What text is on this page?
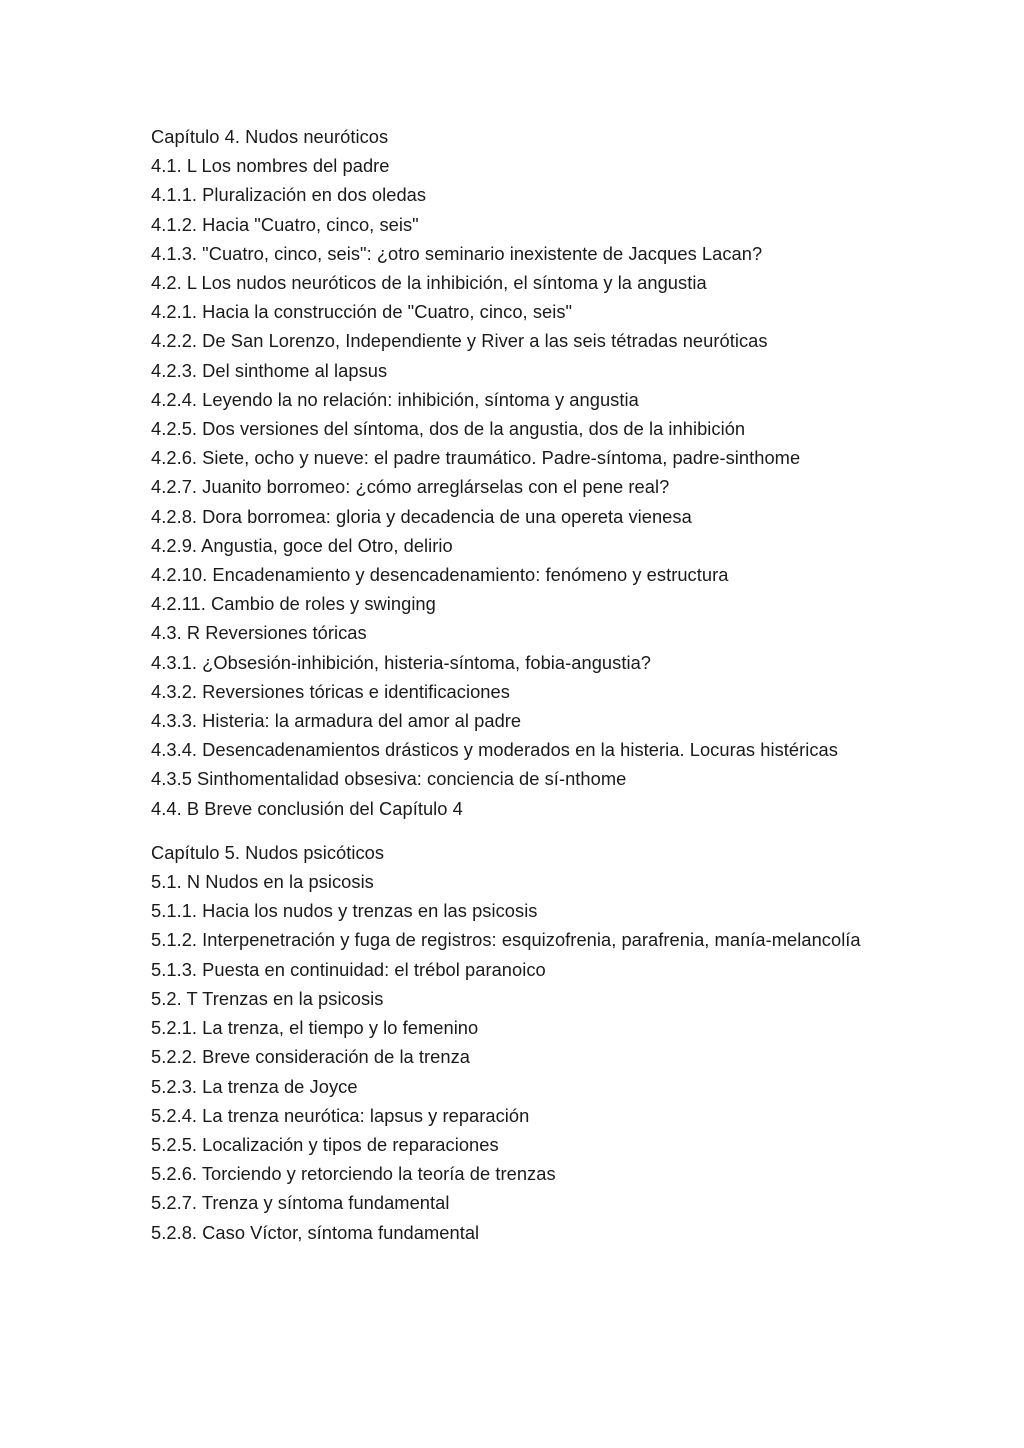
Capítulo 4. Nudos neuróticos
4.1. L Los nombres del padre
4.1.1. Pluralización en dos oledas
4.1.2. Hacia "Cuatro, cinco, seis"
4.1.3. "Cuatro, cinco, seis": ¿otro seminario inexistente de Jacques Lacan?
4.2. L Los nudos neuróticos de la inhibición, el síntoma y la angustia
4.2.1. Hacia la construcción de "Cuatro, cinco, seis"
4.2.2. De San Lorenzo, Independiente y River a las seis tétradas neuróticas
4.2.3. Del sinthome al lapsus
4.2.4. Leyendo la no relación: inhibición, síntoma y angustia
4.2.5. Dos versiones del síntoma, dos de la angustia, dos de la inhibición
4.2.6. Siete, ocho y nueve: el padre traumático. Padre-síntoma, padre-sinthome
4.2.7. Juanito borromeo: ¿cómo arreglárselas con el pene real?
4.2.8. Dora borromea: gloria y decadencia de una opereta vienesa
4.2.9. Angustia, goce del Otro, delirio
4.2.10. Encadenamiento y desencadenamiento: fenómeno y estructura
4.2.11. Cambio de roles y swinging
4.3. R Reversiones tóricas
4.3.1. ¿Obsesión-inhibición, histeria-síntoma, fobia-angustia?
4.3.2. Reversiones tóricas e identificaciones
4.3.3. Histeria: la armadura del amor al padre
4.3.4. Desencadenamientos drásticos y moderados en la histeria. Locuras histéricas
4.3.5 Sinthomentalidad obsesiva: conciencia de sí-nthome
4.4. B Breve conclusión del Capítulo 4
Capítulo 5. Nudos psicóticos
5.1. N Nudos en la psicosis
5.1.1. Hacia los nudos y trenzas en las psicosis
5.1.2. Interpenetración y fuga de registros: esquizofrenia, parafrenia, manía-melancolía
5.1.3. Puesta en continuidad: el trébol paranoico
5.2. T Trenzas en la psicosis
5.2.1. La trenza, el tiempo y lo femenino
5.2.2. Breve consideración de la trenza
5.2.3. La trenza de Joyce
5.2.4. La trenza neurótica: lapsus y reparación
5.2.5. Localización y tipos de reparaciones
5.2.6. Torciendo y retorciendo la teoría de trenzas
5.2.7. Trenza y síntoma fundamental
5.2.8. Caso Víctor, síntoma fundamental
